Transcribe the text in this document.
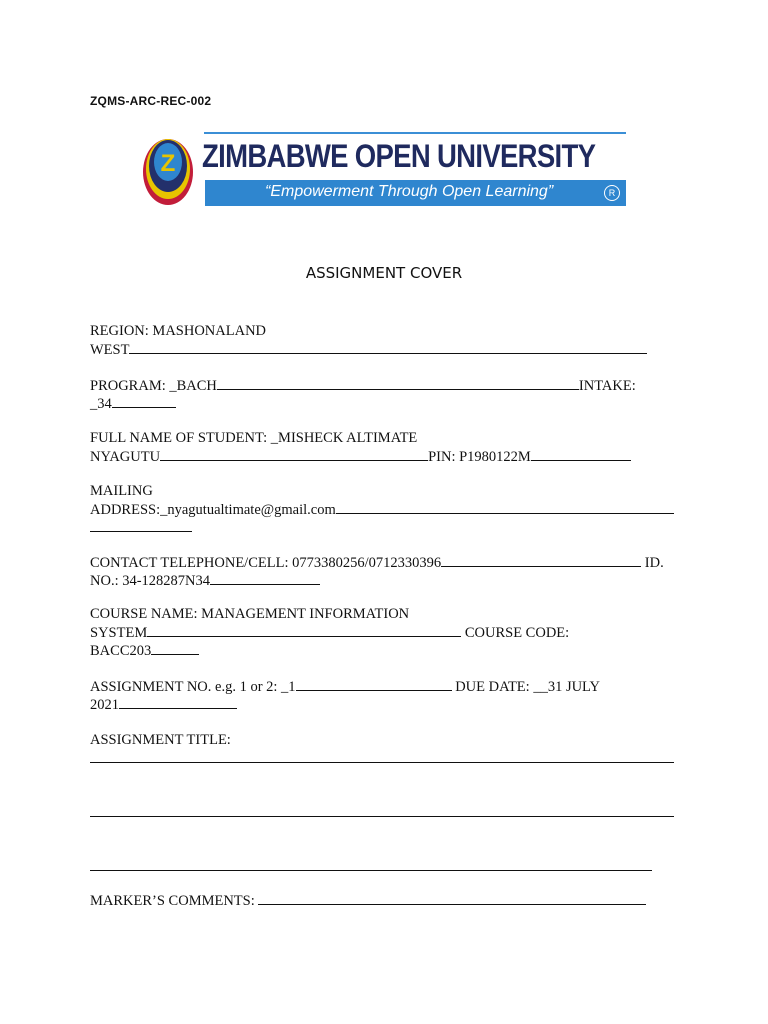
ZQMS-ARC-REC-002
Z ZIMBABWE OPEN UNIVERSITY
“Empowerment Through Open Learning”	R
ASSIGNMENT COVER
REGION: MASHONALAND
WEST
PROGRAM: _BACH	INTAKE:
_34
FULL NAME OF STUDENT: _MISHECK ALTIMATE
NYAGUTU	PIN: P1980122M
MAILING
ADDRESS:_nyagutualtimate@gmail.com
CONTACT TELEPHONE/CELL: 0773380256/0712330396	ID.
NO.: 34-128287N34
COURSE NAME: MANAGEMENT INFORMATION
SYSTEM	COURSE CODE:
BACC203
ASSIGNMENT NO. e.g. 1 or 2: _1	DUE DATE: __31 JULY
2021
ASSIGNMENT TITLE:
MARKER’S COMMENTS:
